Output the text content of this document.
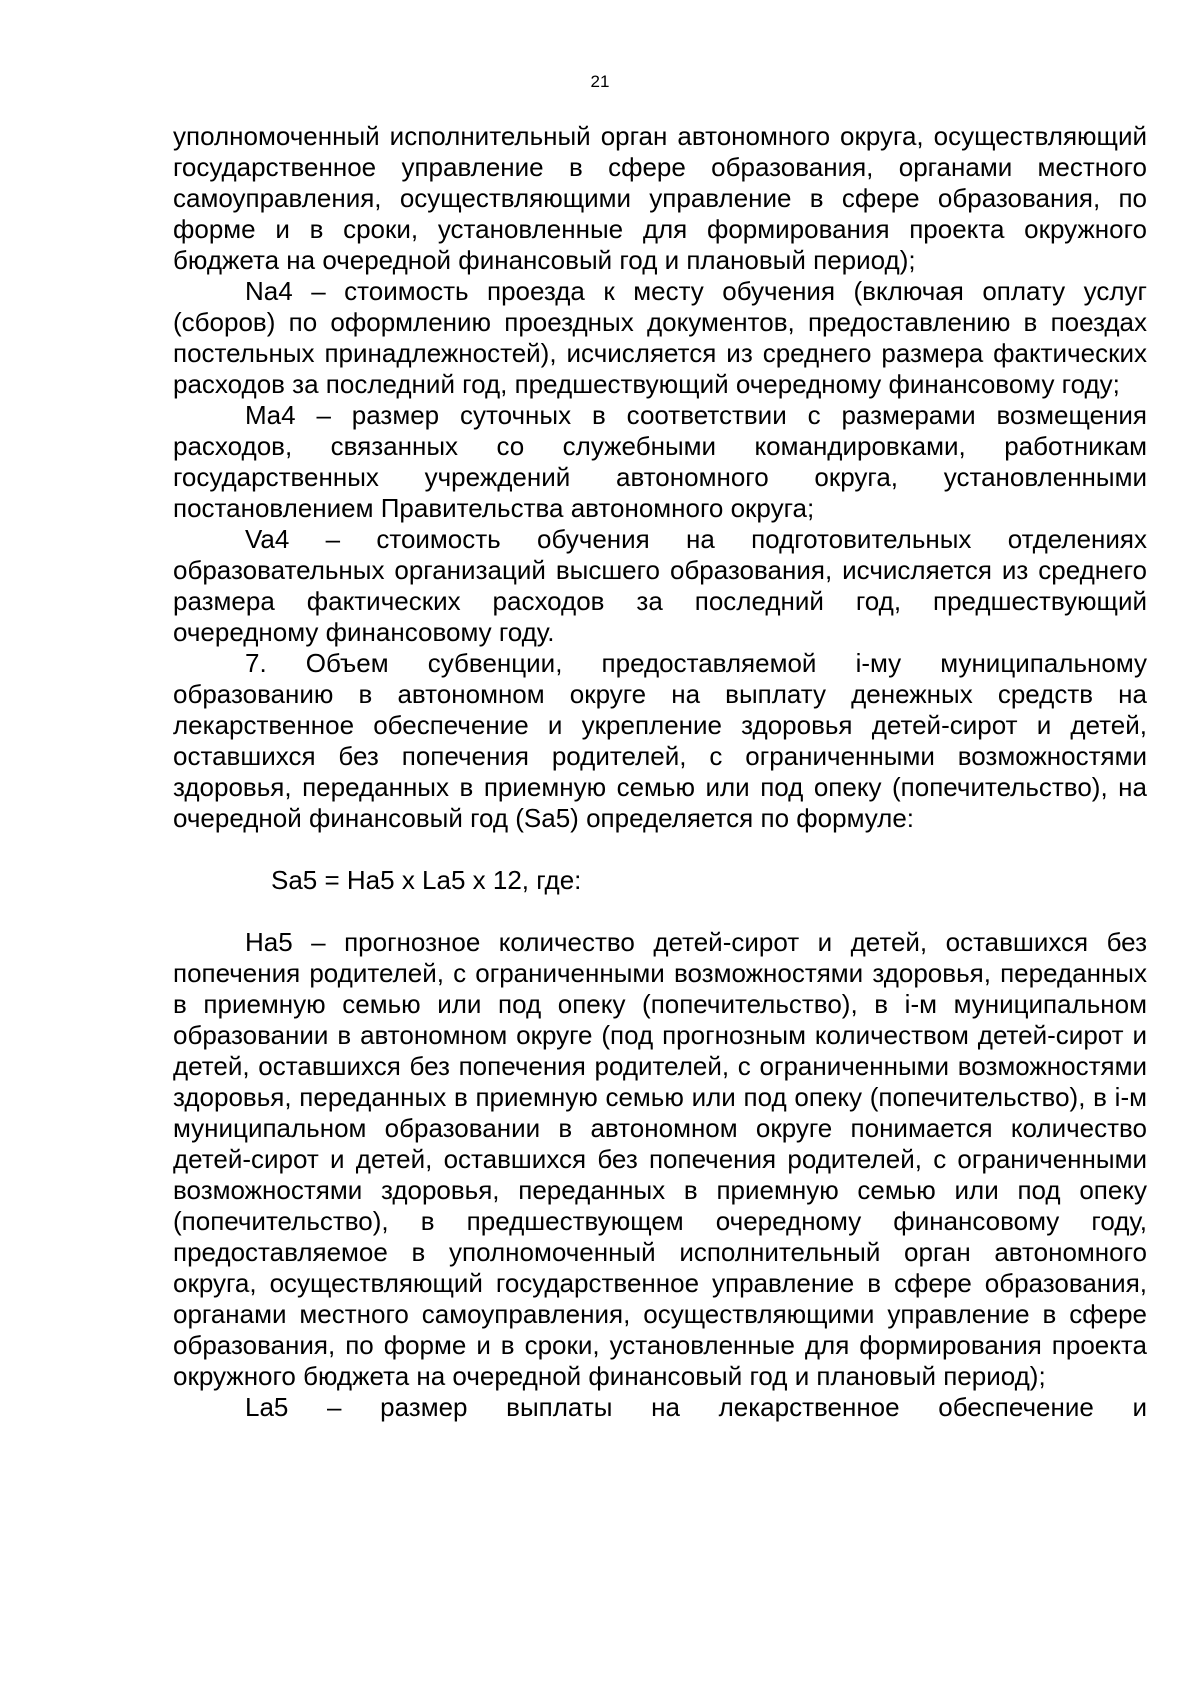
21

уполномоченный исполнительный орган автономного округа, осуществляющий государственное управление в сфере образования, органами местного самоуправления, осуществляющими управление в сфере образования, по форме и в сроки, установленные для формирования проекта окружного бюджета на очередной финансовый год и плановый период);

Na4 – стоимость проезда к месту обучения (включая оплату услуг (сборов) по оформлению проездных документов, предоставлению в поездах постельных принадлежностей), исчисляется из среднего размера фактических расходов за последний год, предшествующий очередному финансовому году;

Ma4 – размер суточных в соответствии с размерами возмещения расходов, связанных со служебными командировками, работникам государственных учреждений автономного округа, установленными постановлением Правительства автономного округа;

Va4 – стоимость обучения на подготовительных отделениях образовательных организаций высшего образования, исчисляется из среднего размера фактических расходов за последний год, предшествующий очередному финансовому году.

7. Объем субвенции, предоставляемой i-му муниципальному образованию в автономном округе на выплату денежных средств на лекарственное обеспечение и укрепление здоровья детей-сирот и детей, оставшихся без попечения родителей, с ограниченными возможностями здоровья, переданных в приемную семью или под опеку (попечительство), на очередной финансовый год (Sa5) определяется по формуле:

Sa5 = Ha5 x La5 x 12, где:

Ha5 – прогнозное количество детей-сирот и детей, оставшихся без попечения родителей, с ограниченными возможностями здоровья, переданных в приемную семью или под опеку (попечительство), в i-м муниципальном образовании в автономном округе (под прогнозным количеством детей-сирот и детей, оставшихся без попечения родителей, с ограниченными возможностями здоровья, переданных в приемную семью или под опеку (попечительство), в i-м муниципальном образовании в автономном округе понимается количество детей-сирот и детей, оставшихся без попечения родителей, с ограниченными возможностями здоровья, переданных в приемную семью или под опеку (попечительство), в предшествующем очередному финансовому году, предоставляемое в уполномоченный исполнительный орган автономного округа, осуществляющий государственное управление в сфере образования, органами местного самоуправления, осуществляющими управление в сфере образования, по форме и в сроки, установленные для формирования проекта окружного бюджета на очередной финансовый год и плановый период);

La5 – размер выплаты на лекарственное обеспечение и
